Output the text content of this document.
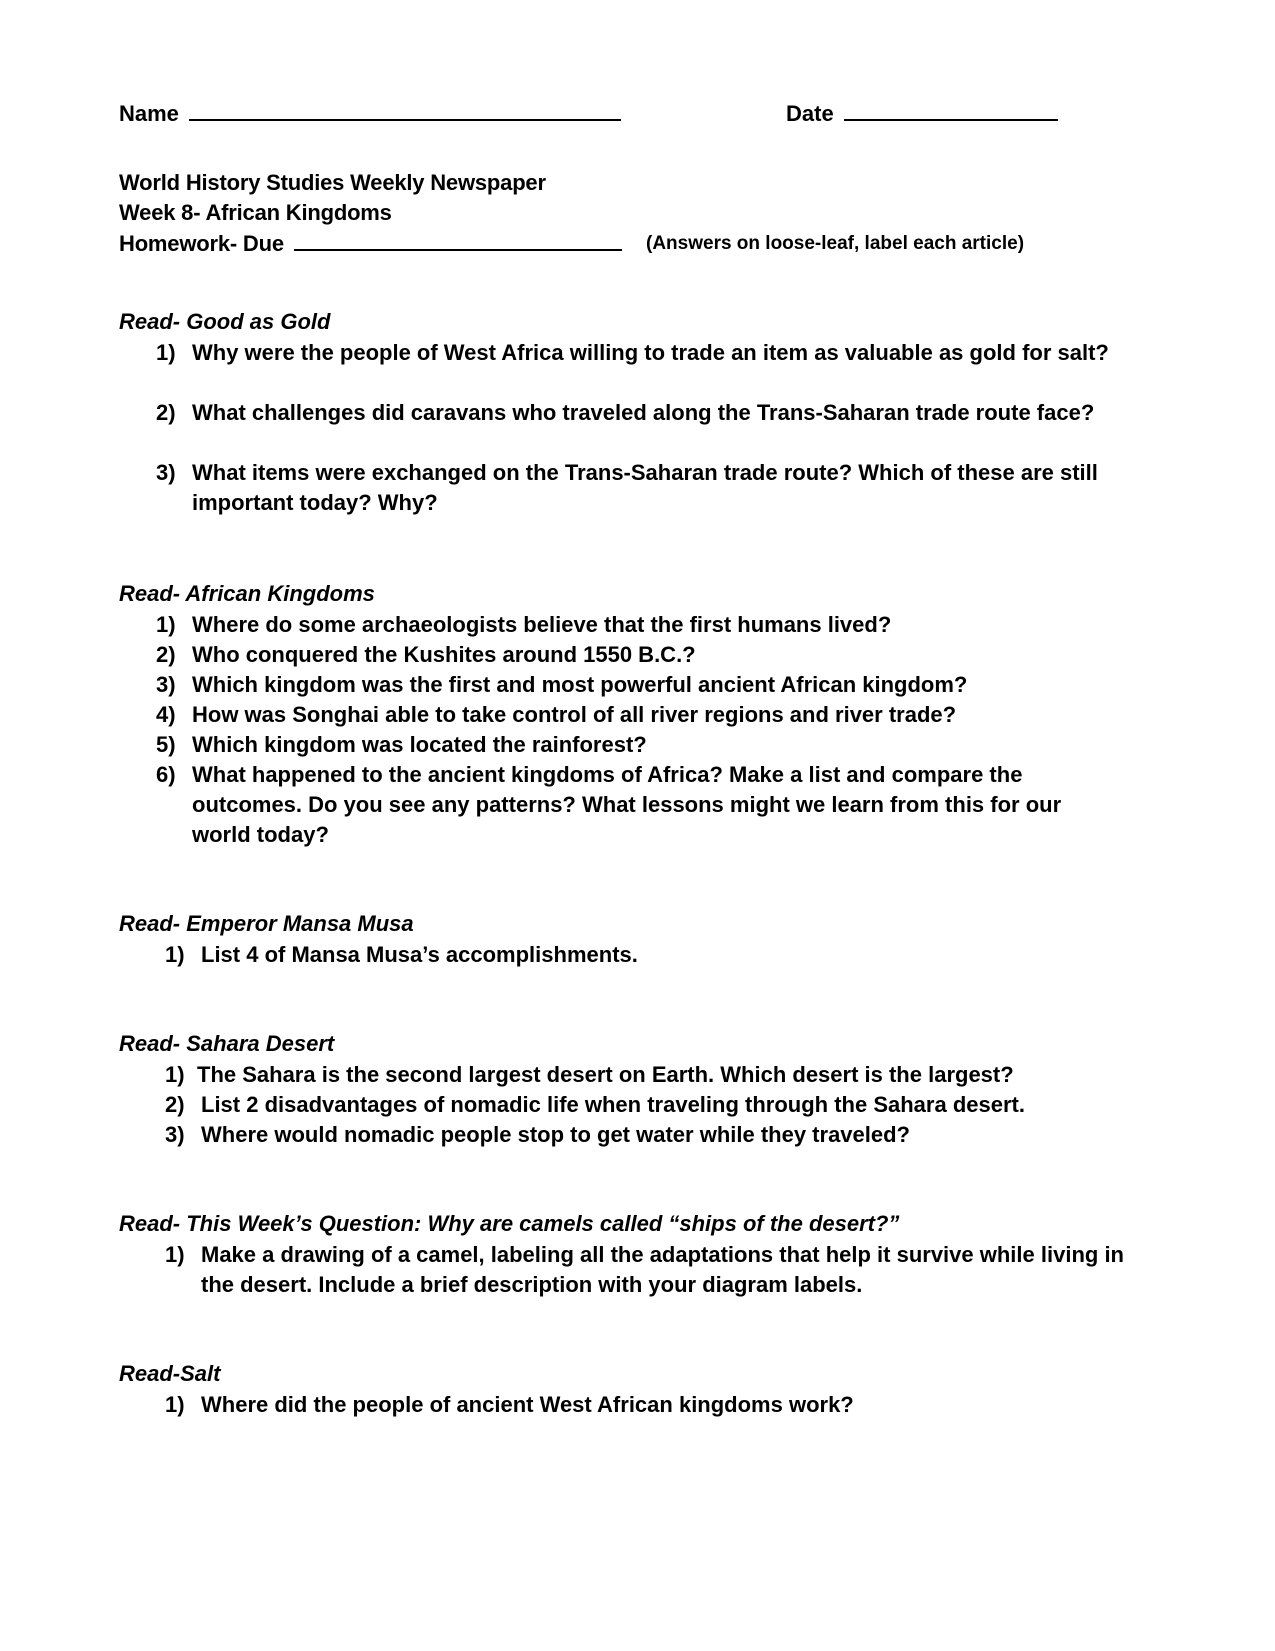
Name	Date
World History Studies Weekly Newspaper
Week 8- African Kingdoms
Homework- Due	(Answers on loose-leaf, label each article)
Read- Good as Gold
1) Why were the people of West Africa willing to trade an item as valuable as gold for salt?
2) What challenges did caravans who traveled along the Trans-Saharan trade route face?
3) What items were exchanged on the Trans-Saharan trade route? Which of these are still important today? Why?
Read- African Kingdoms
1) Where do some archaeologists believe that the first humans lived?
2) Who conquered the Kushites around 1550 B.C.?
3) Which kingdom was the first and most powerful ancient African kingdom?
4) How was Songhai able to take control of all river regions and river trade?
5) Which kingdom was located the rainforest?
6) What happened to the ancient kingdoms of Africa? Make a list and compare the outcomes. Do you see any patterns? What lessons might we learn from this for our world today?
Read- Emperor Mansa Musa
1) List 4 of Mansa Musa’s accomplishments.
Read- Sahara Desert
1) The Sahara is the second largest desert on Earth. Which desert is the largest?
2) List 2 disadvantages of nomadic life when traveling through the Sahara desert.
3) Where would nomadic people stop to get water while they traveled?
Read- This Week’s Question: Why are camels called “ships of the desert?”
1) Make a drawing of a camel, labeling all the adaptations that help it survive while living in the desert. Include a brief description with your diagram labels.
Read-Salt
1) Where did the people of ancient West African kingdoms work?
